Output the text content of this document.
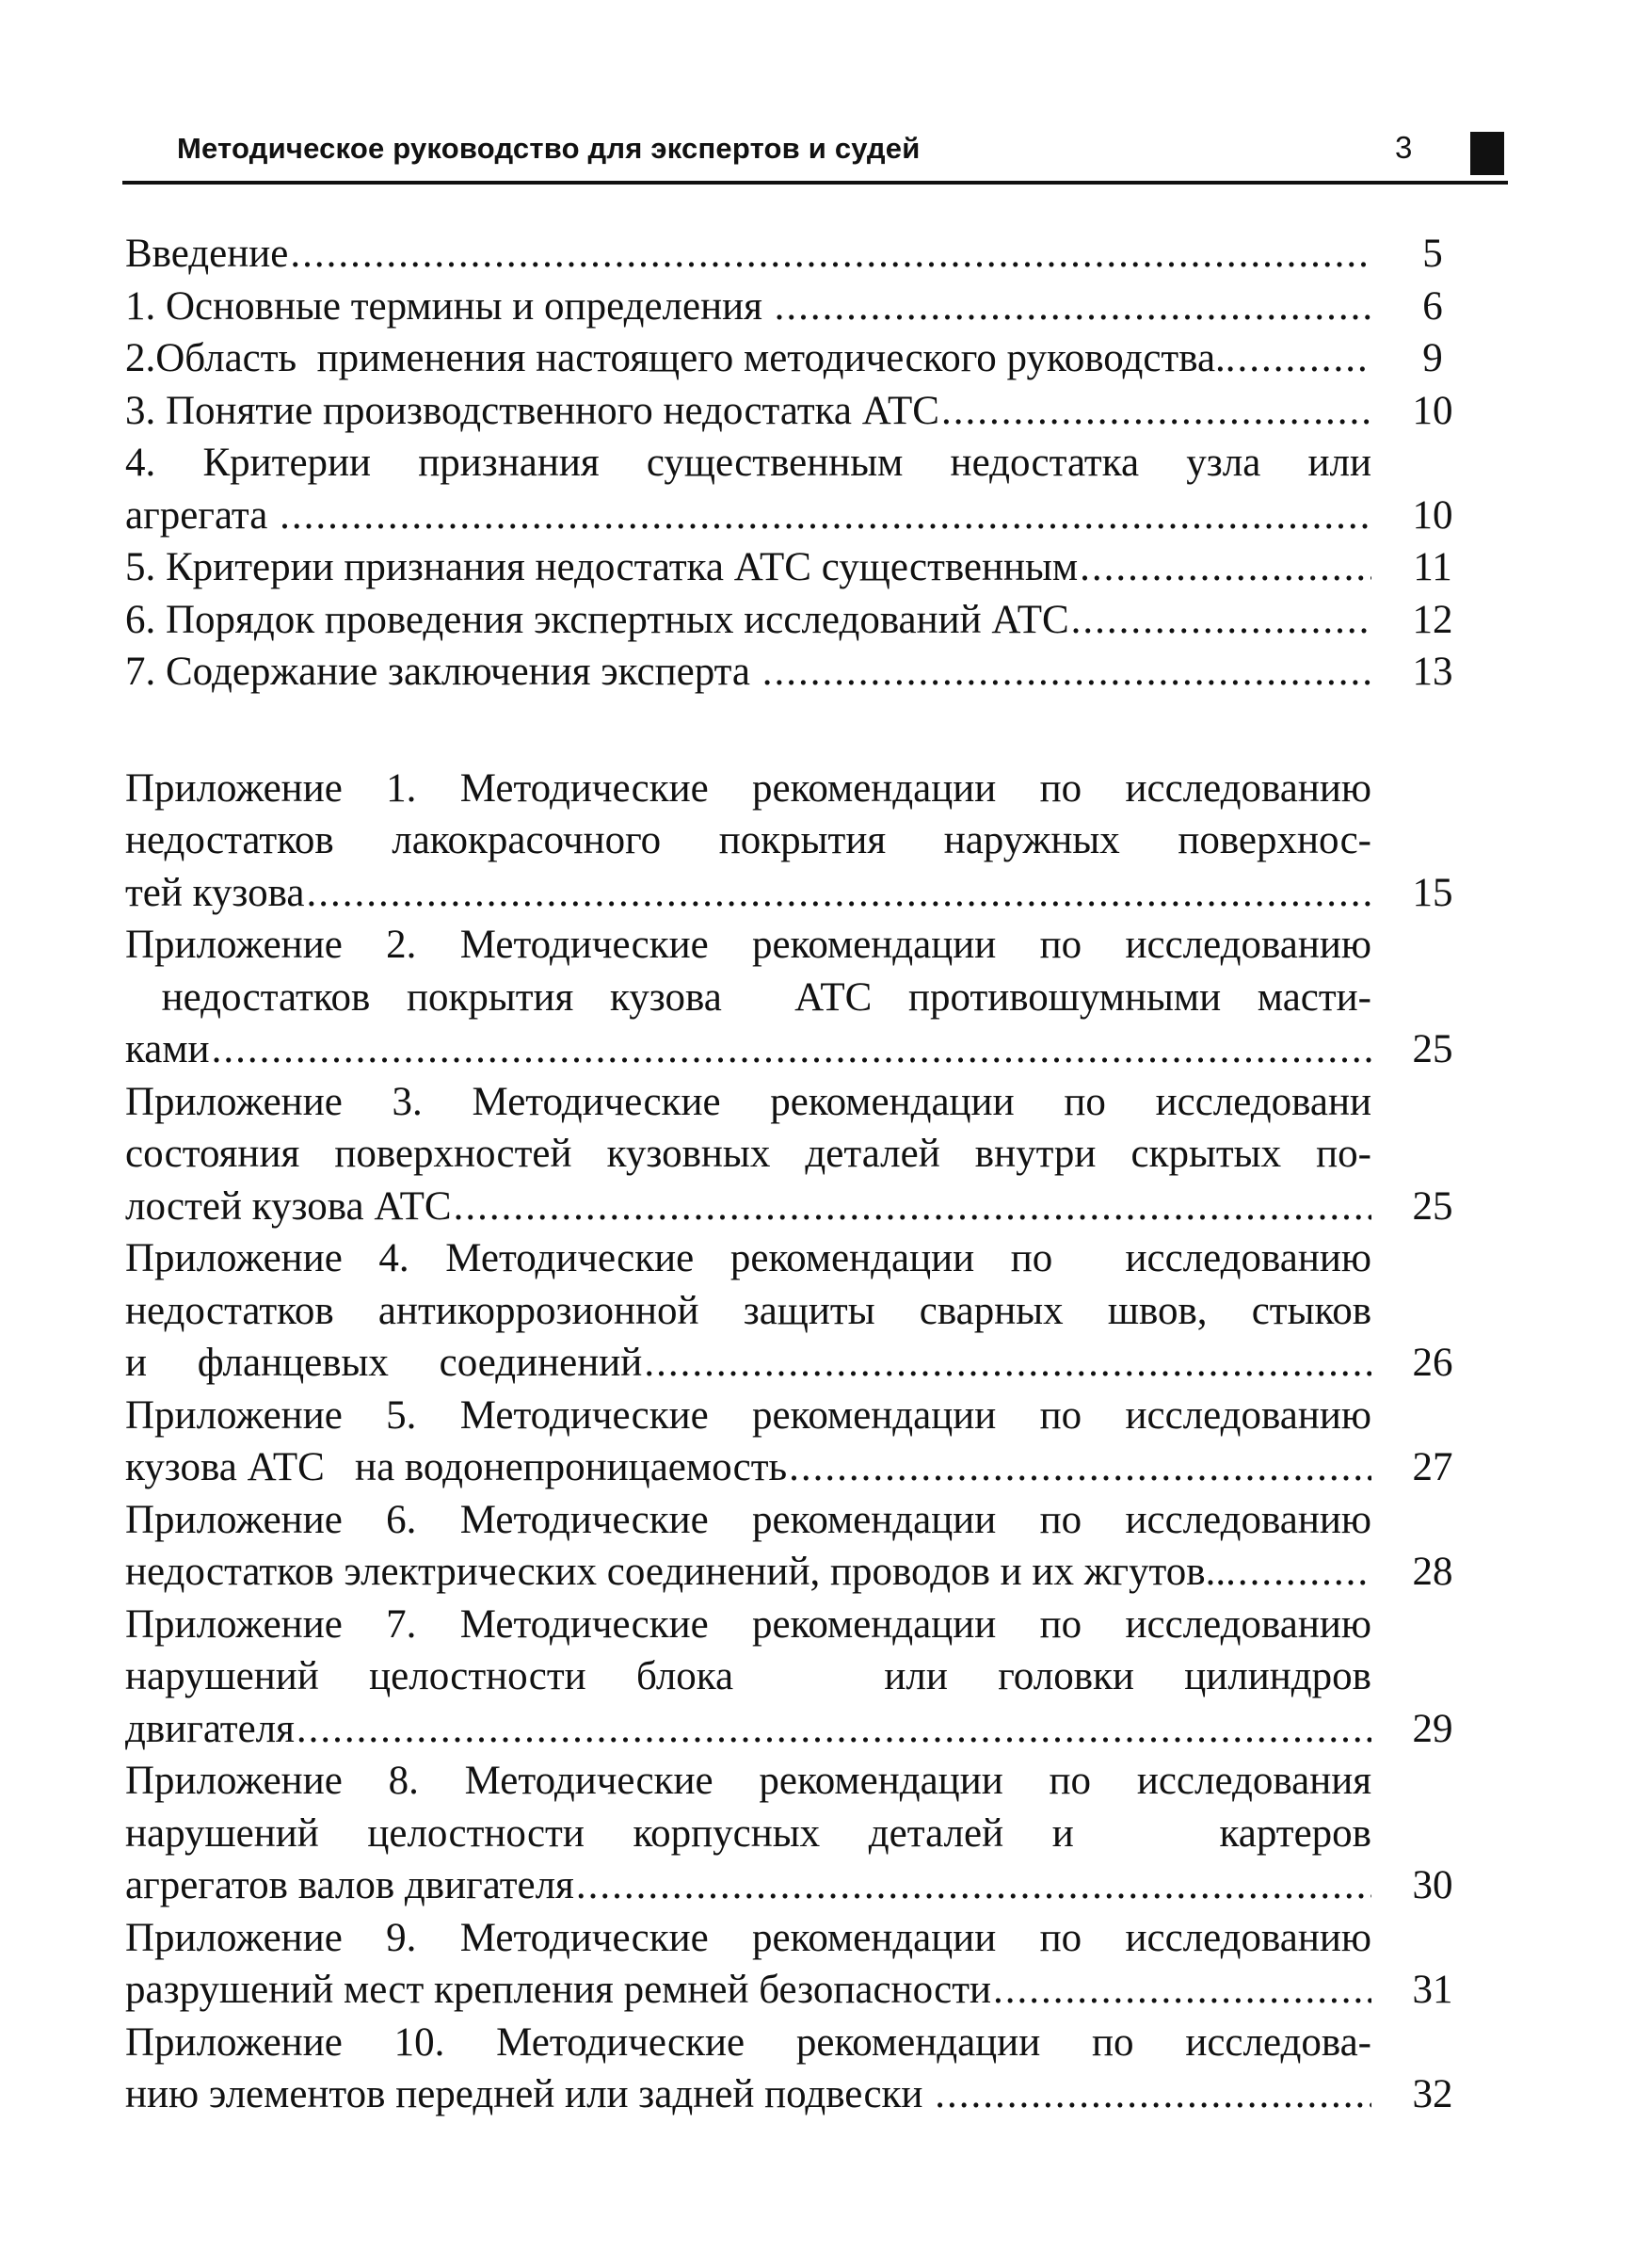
Методическое руководство для экспертов и судей	3
Введение .....	5
1. Основные термины и определения .....	6
2.Область  применения настоящего методического руководства.. .....	9
3. Понятие производственного недостатка АТС .....	10
4. Критерии признания существенным недостатка узла или
агрегата .....	10
5. Критерии признания недостатка АТС существенным .....	11
6. Порядок проведения экспертных исследований АТС .....	12
7. Содержание заключения эксперта .....	13
Приложение 1. Методические рекомендации по исследованию
недостатков лакокрасочного покрытия наружных поверхнос-
тей кузова .....	15
Приложение 2. Методические рекомендации по исследованию
недостатков покрытия кузова  АТС противошумными масти-
ками .....	25
Приложение 3. Методические рекомендации по исследовани
состояния поверхностей кузовных деталей внутри скрытых по-
лостей кузова АТС .....	25
Приложение 4. Методические рекомендации по  исследованию
недостатков антикоррозионной защиты сварных швов, стыков
и     фланцевых     соединений .....	26
Приложение 5. Методические рекомендации по исследованию
кузова АТС   на водонепроницаемость .....	27
Приложение 6. Методические рекомендации по исследованию
недостатков электрических соединений, проводов и их жгутов... .....	28
Приложение 7. Методические рекомендации по исследованию
нарушений целостности блока   или головки цилиндров
двигателя .....	29
Приложение 8. Методические рекомендации по исследования
нарушений целостности корпусных деталей и   картеров
агрегатов валов двигателя .....	30
Приложение 9. Методические рекомендации по исследованию
разрушений мест крепления ремней безопасности .....	31
Приложение 10. Методические рекомендации по исследова-
нию элементов передней или задней подвески .....	32
